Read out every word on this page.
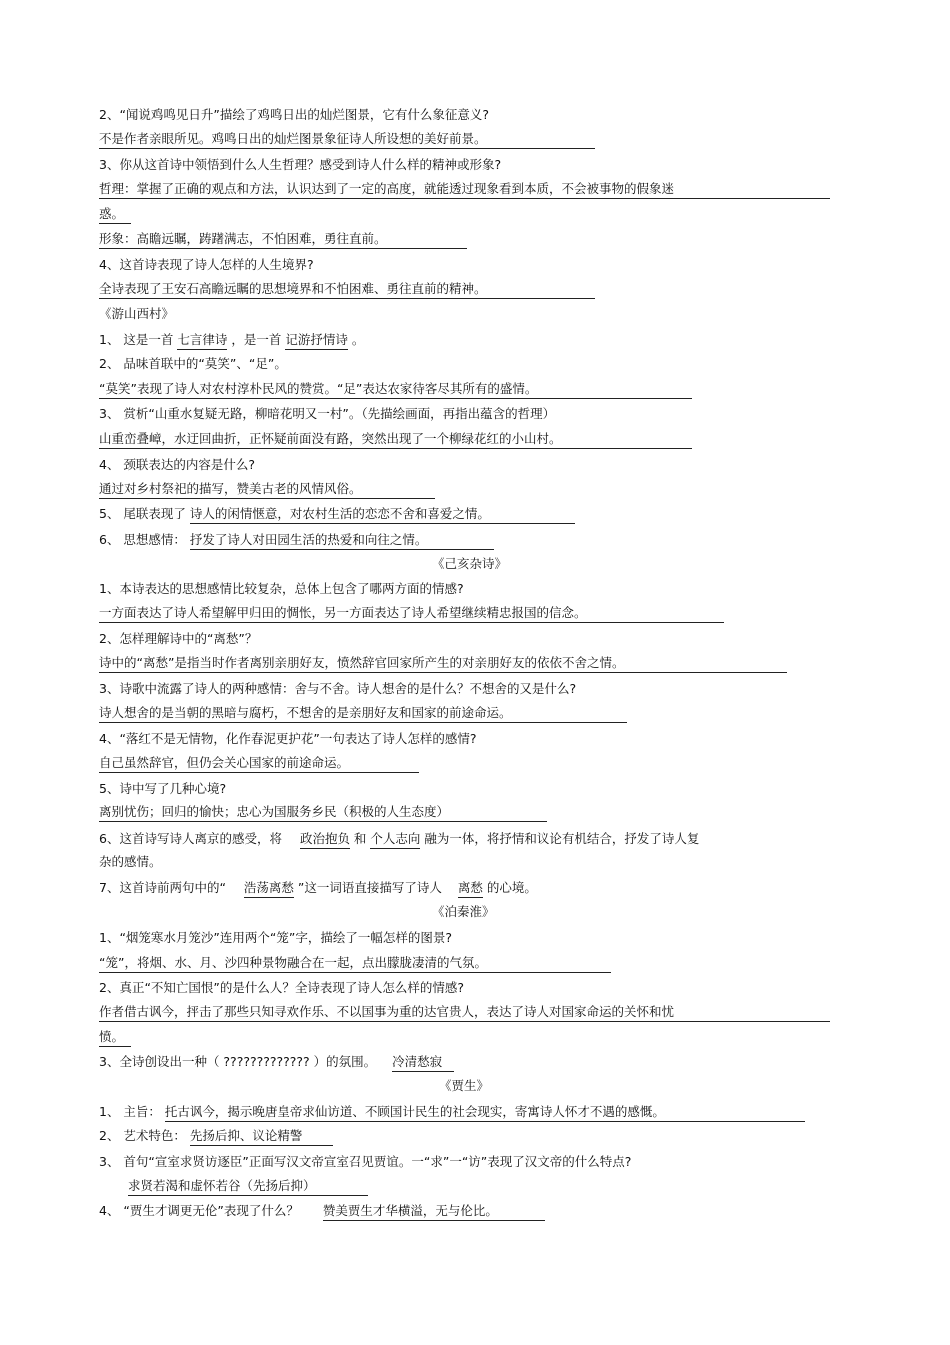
2、“闻说鸡鸣见日升”描绘了鸡鸣日出的灿烂图景，它有什么象征意义?
不是作者亲眼所见。鸡鸣日出的灿烂图景象征诗人所设想的美好前景。
3、你从这首诗中领悟到什么人生哲理？感受到诗人什么样的精神或形象?
哲理：掌握了正确的观点和方法，认识达到了一定的高度，就能透过现象看到本质，不会被事物的假象迷
惑。
形象：高瞻远瞩，踌躇满志，不怕困难，勇往直前。
4、这首诗表现了诗人怎样的人生境界?
全诗表现了王安石高瞻远瞩的思想境界和不怕困难、勇往直前的精神。
《游山西村》
1、 这是一首 七言律诗 ，是一首 记游抒情诗 。
2、 品味首联中的“莫笑”、“足”。
“莫笑”表现了诗人对农村淳朴民风的赞赏。“足”表达农家待客尽其所有的盛情。
3、 赏析“山重水复疑无路，柳暗花明又一村”。（先描绘画面，再指出蕴含的哲理）
山重峦叠嶂，水迂回曲折，正怀疑前面没有路，突然出现了一个柳绿花红的小山村。
4、 颈联表达的内容是什么?
通过对乡村祭祀的描写，赞美古老的风情风俗。
5、 尾联表现了 诗人的闲情惬意，对农村生活的恋恋不舍和喜爱之情。
6、 思想感情： 抒发了诗人对田园生活的热爱和向往之情。
《己亥杂诗》
1、本诗表达的思想感情比较复杂，总体上包含了哪两方面的情感?
一方面表达了诗人希望解甲归田的惆怅，另一方面表达了诗人希望继续精忠报国的信念。
2、怎样理解诗中的“离愁”？
诗中的“离愁”是指当时作者离别亲朋好友，愤然辞官回家所产生的对亲朋好友的依依不舍之情。
3、诗歌中流露了诗人的两种感情：舍与不舍。诗人想舍的是什么？不想舍的又是什么?
诗人想舍的是当朝的黑暗与腐朽，不想舍的是亲朋好友和国家的前途命运。
4、“落红不是无情物，化作春泥更护花”一句表达了诗人怎样的感情?
自己虽然辞官，但仍会关心国家的前途命运。
5、诗中写了几种心境?
离别忧伤；回归的愉快；忠心为国服务乡民（积极的人生态度）
6、这首诗写诗人离京的感受，将 政治抱负 和 个人志向 融为一体，将抒情和议论有机结合，抒发了诗人复
杂的感情。
7、这首诗前两句中的“ 浩荡离愁 ”这一词语直接描写了诗人 离愁 的心境。
《泊秦淮》
1、“烟笼寒水月笼沙”连用两个“笼”字，描绘了一幅怎样的图景?
“笼”，将烟、水、月、沙四种景物融合在一起，点出朦胧凄清的气氛。
2、真正“不知亡国恨”的是什么人？全诗表现了诗人怎么样的情感?
作者借古讽今，抨击了那些只知寻欢作乐、不以国事为重的达官贵人，表达了诗人对国家命运的关怀和忧
愤。
3、全诗创设出一种（ ????????????? ）的氛围。 冷清愁寂
《贾生》
1、 主旨： 托古讽今，揭示晚唐皇帝求仙访道、不顾国计民生的社会现实，寄寓诗人怀才不遇的感慨。
2、 艺术特色： 先扬后抑、议论精警
3、 首句“宣室求贤访逐臣”正面写汉文帝宣室召见贾谊。一“求”一“访”表现了汉文帝的什么特点?
求贤若渴和虚怀若谷（先扬后抑）
4、 “贾生才调更无伦”表现了什么？ 赞美贾生才华横溢，无与伦比。
